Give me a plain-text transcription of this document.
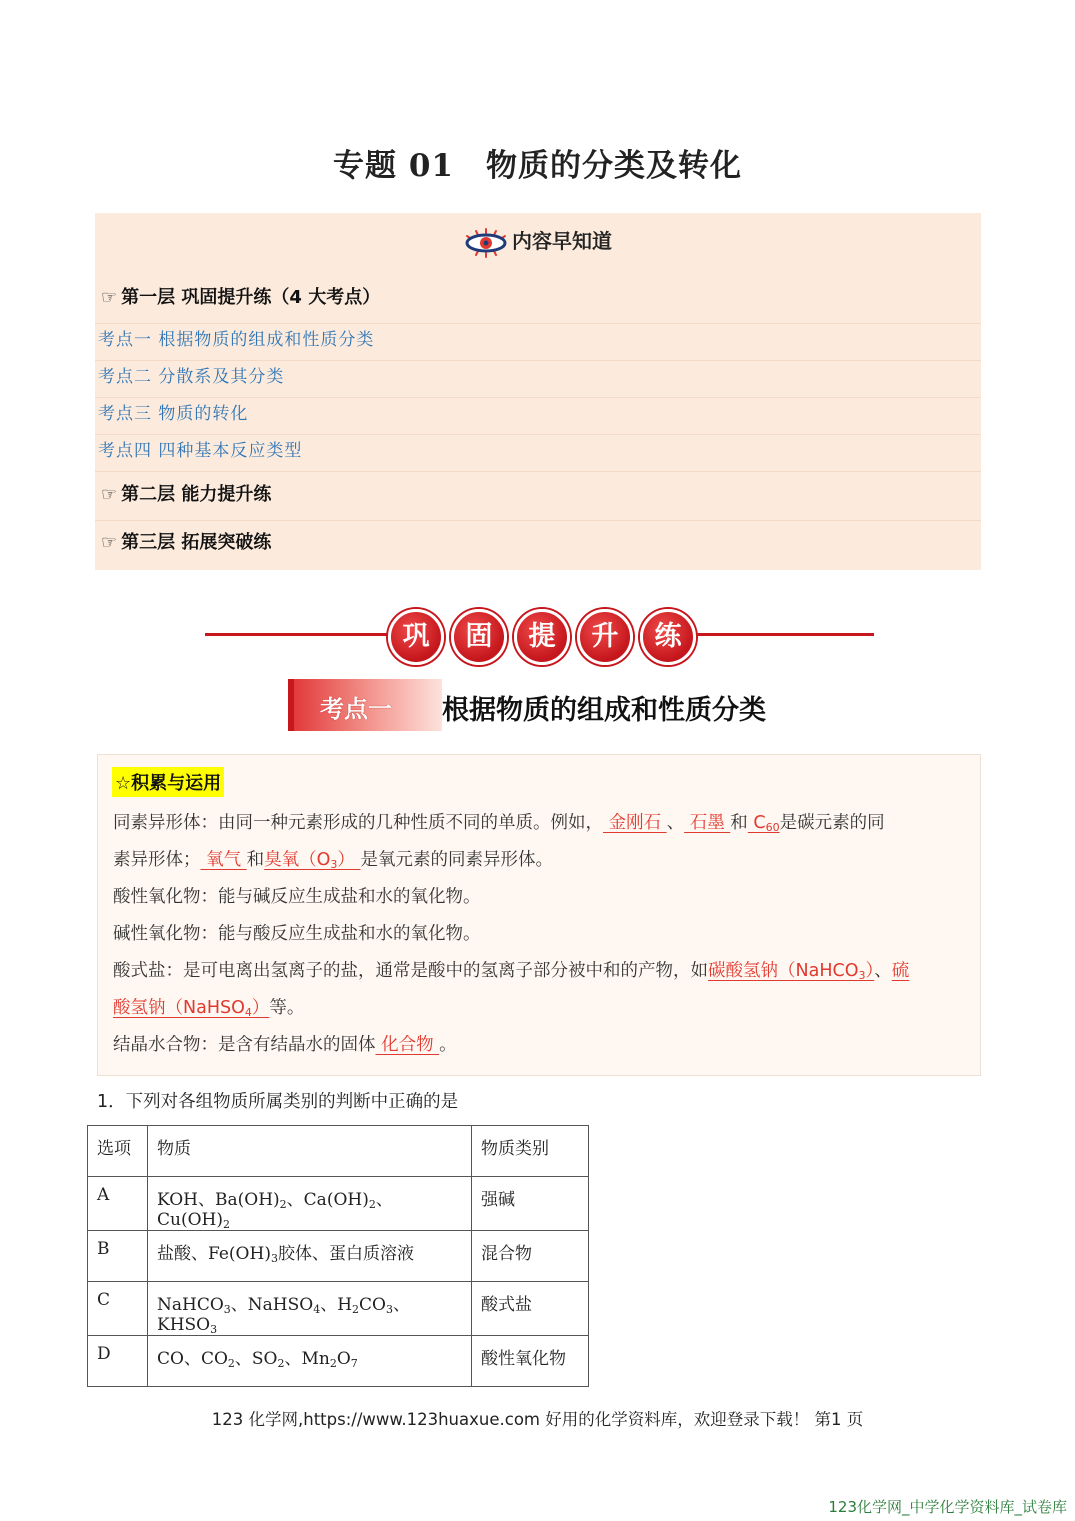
专题 01 物质的分类及转化
内容早知道
☞ 第一层 巩固提升练（4 大考点）
考点一 根据物质的组成和性质分类
考点二 分散系及其分类
考点三 物质的转化
考点四 四种基本反应类型
☞ 第二层 能力提升练
☞ 第三层 拓展突破练
巩	固	提	升	练
考点一 根据物质的组成和性质分类
☆积累与运用
同素异形体：由同一种元素形成的几种性质不同的单质。例如， 金刚石 、 石墨 和 $C_{60}$是碳元素的同
素异形体； 氧气 和臭氧$(O_3)$ 是氧元素的同素异形体。
酸性氧化物：能与碱反应生成盐和水的氧化物。
碱性氧化物：能与酸反应生成盐和水的氧化物。
酸式盐：是可电离出氢离子的盐，通常是酸中的氢离子部分被中和的产物，如碳酸氢钠（NaHCO$_3$）、硫
酸氢钠（NaHSO$_4$）等。
结晶水合物：是含有结晶水的固体 化合物 。
1．下列对各组物质所属类别的判断中正确的是
选项	物质	物质类别
A	KOH、$Ba(OH)_2$、$Ca(OH)_2$、$Cu(OH)_2$	强碱
B	盐酸、$Fe(OH)_3$胶体、蛋白质溶液	混合物
C	NaHCO$_3$、NaHSO$_4$、$H_2CO_3$、$KHSO_3$	酸式盐
D	CO、$CO_2$、$SO_2$、$Mn_2O_7$	酸性氧化物
123 化学网,https://www.123huaxue.com 好用的化学资料库，欢迎登录下载！ 第1 页
123化学网_中学化学资料库_试卷库
